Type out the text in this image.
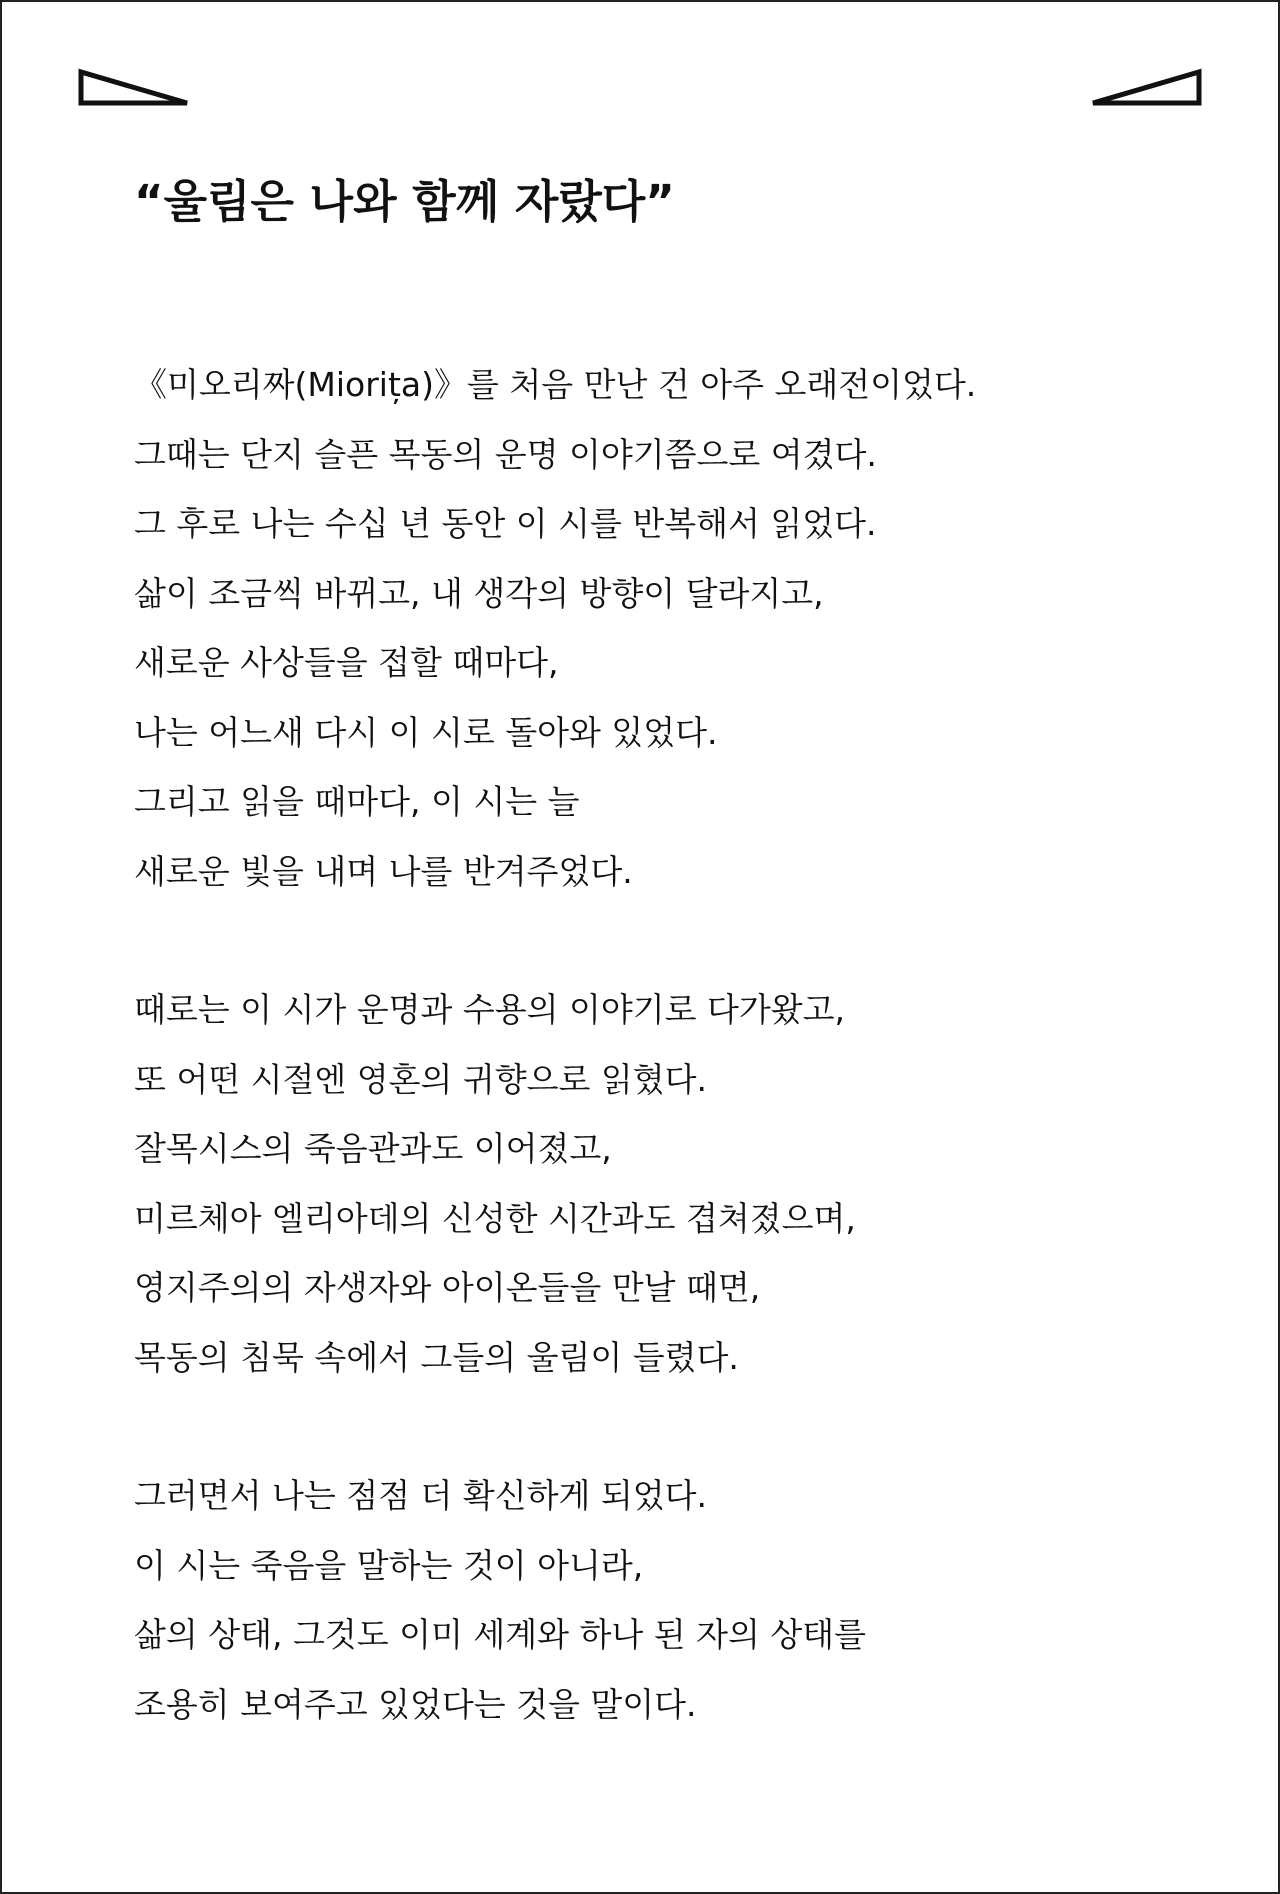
“울림은 나와 함께 자랐다”
《미오리짜(Miorița)》를 처음 만난 건 아주 오래전이었다.
그때는 단지 슬픈 목동의 운명 이야기쯤으로 여겼다.
그 후로 나는 수십 년 동안 이 시를 반복해서 읽었다.
삶이 조금씩 바뀌고, 내 생각의 방향이 달라지고,
새로운 사상들을 접할 때마다,
나는 어느새 다시 이 시로 돌아와 있었다.
그리고 읽을 때마다, 이 시는 늘
새로운 빛을 내며 나를 반겨주었다.
때로는 이 시가 운명과 수용의 이야기로 다가왔고,
또 어떤 시절엔 영혼의 귀향으로 읽혔다.
잘목시스의 죽음관과도 이어졌고,
미르체아 엘리아데의 신성한 시간과도 겹쳐졌으며,
영지주의의 자생자와 아이온들을 만날 때면,
목동의 침묵 속에서 그들의 울림이 들렸다.
그러면서 나는 점점 더 확신하게 되었다.
이 시는 죽음을 말하는 것이 아니라,
삶의 상태, 그것도 이미 세계와 하나 된 자의 상태를
조용히 보여주고 있었다는 것을 말이다.
